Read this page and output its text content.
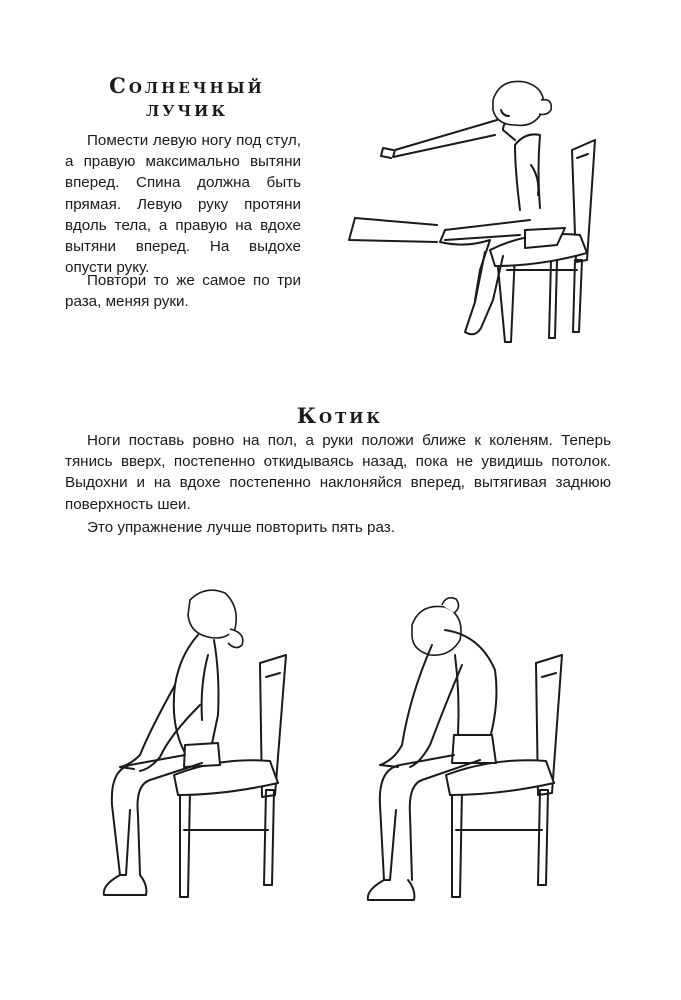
Солнечный
лучик

Помести левую ногу под стул, а правую максимально вытяни вперед. Спина должна быть прямая. Левую руку протяни вдоль тела, а правую на вдохе вытяни вперед. На выдохе опусти руку.

Повтори то же самое по три раза, меняя руки.

Котик

Ноги поставь ровно на пол, а руки положи ближе к коленям. Теперь тянись вверх, постепенно откидываясь назад, пока не увидишь потолок. Выдохни и на вдохе постепенно наклоняйся вперед, вытягивая заднюю поверхность шеи.

Это упражнение лучше повторить пять раз.
